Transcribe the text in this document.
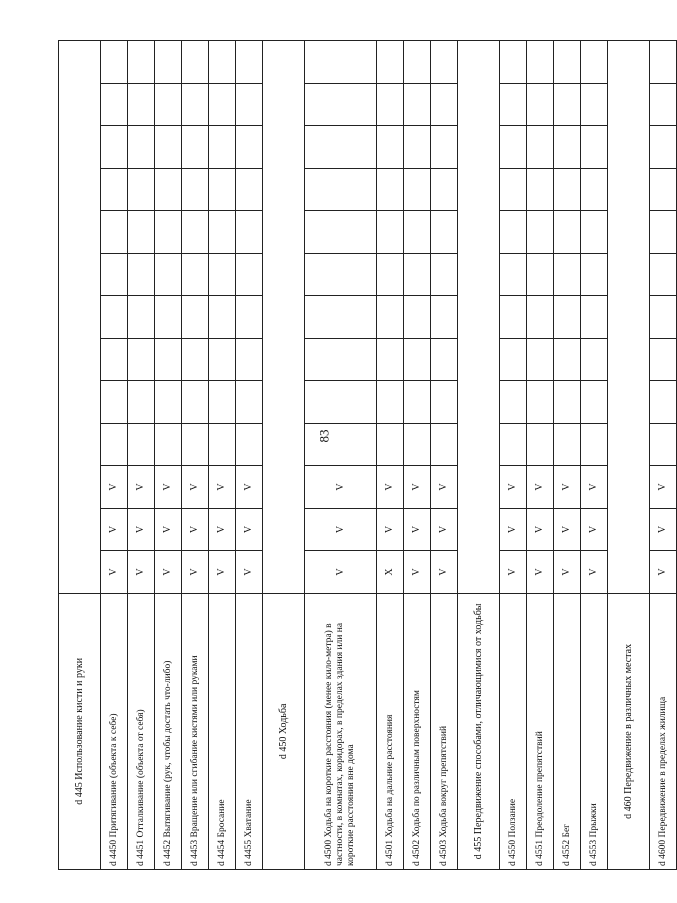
83
d 445 Использование кисти и руки													
d 4450 Притягивание (объекта к себе)	V	V	V										
d 4451 Отталкивание (объекта от себя)	V	V	V										
d 4452 Вытягивание (рук, чтобы достать что-либо)	V	V	V										
d 4453 Вращение или сгибание кистями или руками	V	V	V										
d 4454 Бросание	V	V	V										
d 4455 Хватание	V	V	V										
d 450 Ходьба													
d 4500 Ходьба на короткие расстояния (менее кило-метра) в частности, в комнатах, коридорах, в пределах здания или на короткие расстояния вне дома	V	V	V										
d 4501 Ходьба на дальние расстояния	X	V	V										
d 4502 Ходьба по различным поверхностям	V	V	V										
d 4503 Ходьба вокруг препятствий	V	V	V										
d 455 Передвижение способами, отличающимися от ходьбы													
d 4550 Ползание	V	V	V										
d 4551 Преодоление препятствий	V	V	V										
d 4552 Бег	V	V	V										
d 4553 Прыжки	V	V	V										
d 460 Передвижение в различных местах													
d 4600 Передвижение в пределах жилища	V	V	V										
